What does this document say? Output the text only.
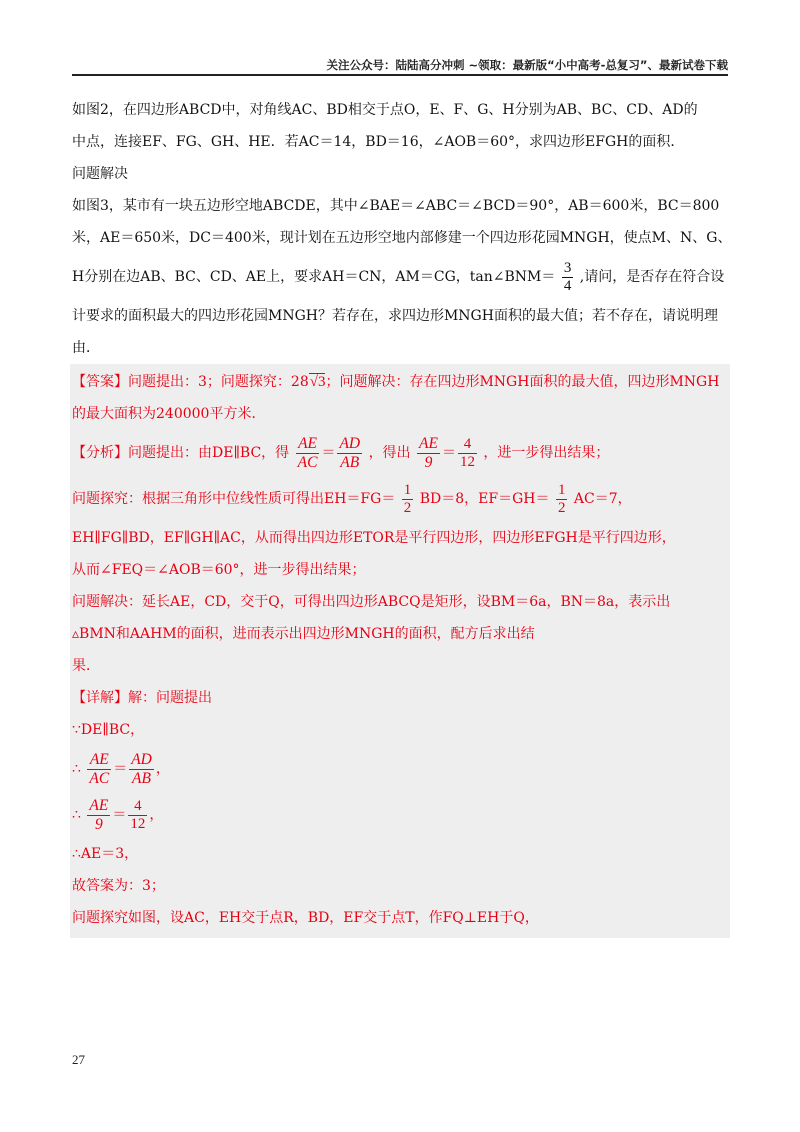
关注公众号：陆陆高分冲刺 ~领取：最新版“小中高考-总复习”、最新试卷下载
如图2，在四边形ABCD中，对角线AC、BD相交于点O，E、F、G、H分别为AB、BC、CD、AD的
中点，连接EF、FG、GH、HE．若AC＝14，BD＝16，∠AOB＝60°，求四边形EFGH的面积．
问题解决
如图3，某市有一块五边形空地ABCDE，其中∠BAE＝∠ABC＝∠BCD＝90°，AB＝600米，BC＝800
米，AE＝650米，DC＝400米，现计划在五边形空地内部修建一个四边形花园MNGH，使点M、N、G、
H分别在边AB、BC、CD、AE上，要求AH＝CN，AM＝CG，tan∠BNM＝ $\frac{3}{4}$ ,请问，是否存在符合设
计要求的面积最大的四边形花园MNGH？若存在，求四边形MNGH面积的最大值；若不存在，请说明理
由．
【答案】问题提出：3；问题探究：28√3；问题解决：存在四边形MNGH面积的最大值，四边形MNGH
的最大面积为240000平方米．
【分析】问题提出：由DE∥BC，得 $\frac{AE}{AC} = \frac{AD}{AB}$ ，得出 $\frac{AE}{9} = \frac{4}{12}$ ，进一步得出结果；
问题探究：根据三角形中位线性质可得出$EH=FG= \frac{1}{2} BD=8$，$EF=GH= \frac{1}{2} AC=7$，
EH∥FG∥BD，EF∥GH∥AC，从而得出四边形ETOR是平行四边形，四边形EFGH是平行四边形，
从而∠FEQ＝∠AOB＝60°，进一步得出结果；
问题解决：延长AE，CD，交于Q，可得出四边形ABCQ是矩形，设BM＝6a，BN＝8a，表示出
▵BMN和AAHM的面积，进而表示出四边形MNGH的面积，配方后求出结
果．
【详解】解：问题提出
∵DE∥BC，
∴ $\frac{AE}{AC} = \frac{AD}{AB}$ ，
∴ $\frac{AE}{9} = \frac{4}{12}$ ，
∴AE＝3，
故答案为：3；
问题探究如图，设AC，EH交于点R，BD，EF交于点T，作FQ⊥EH于Q，
27
